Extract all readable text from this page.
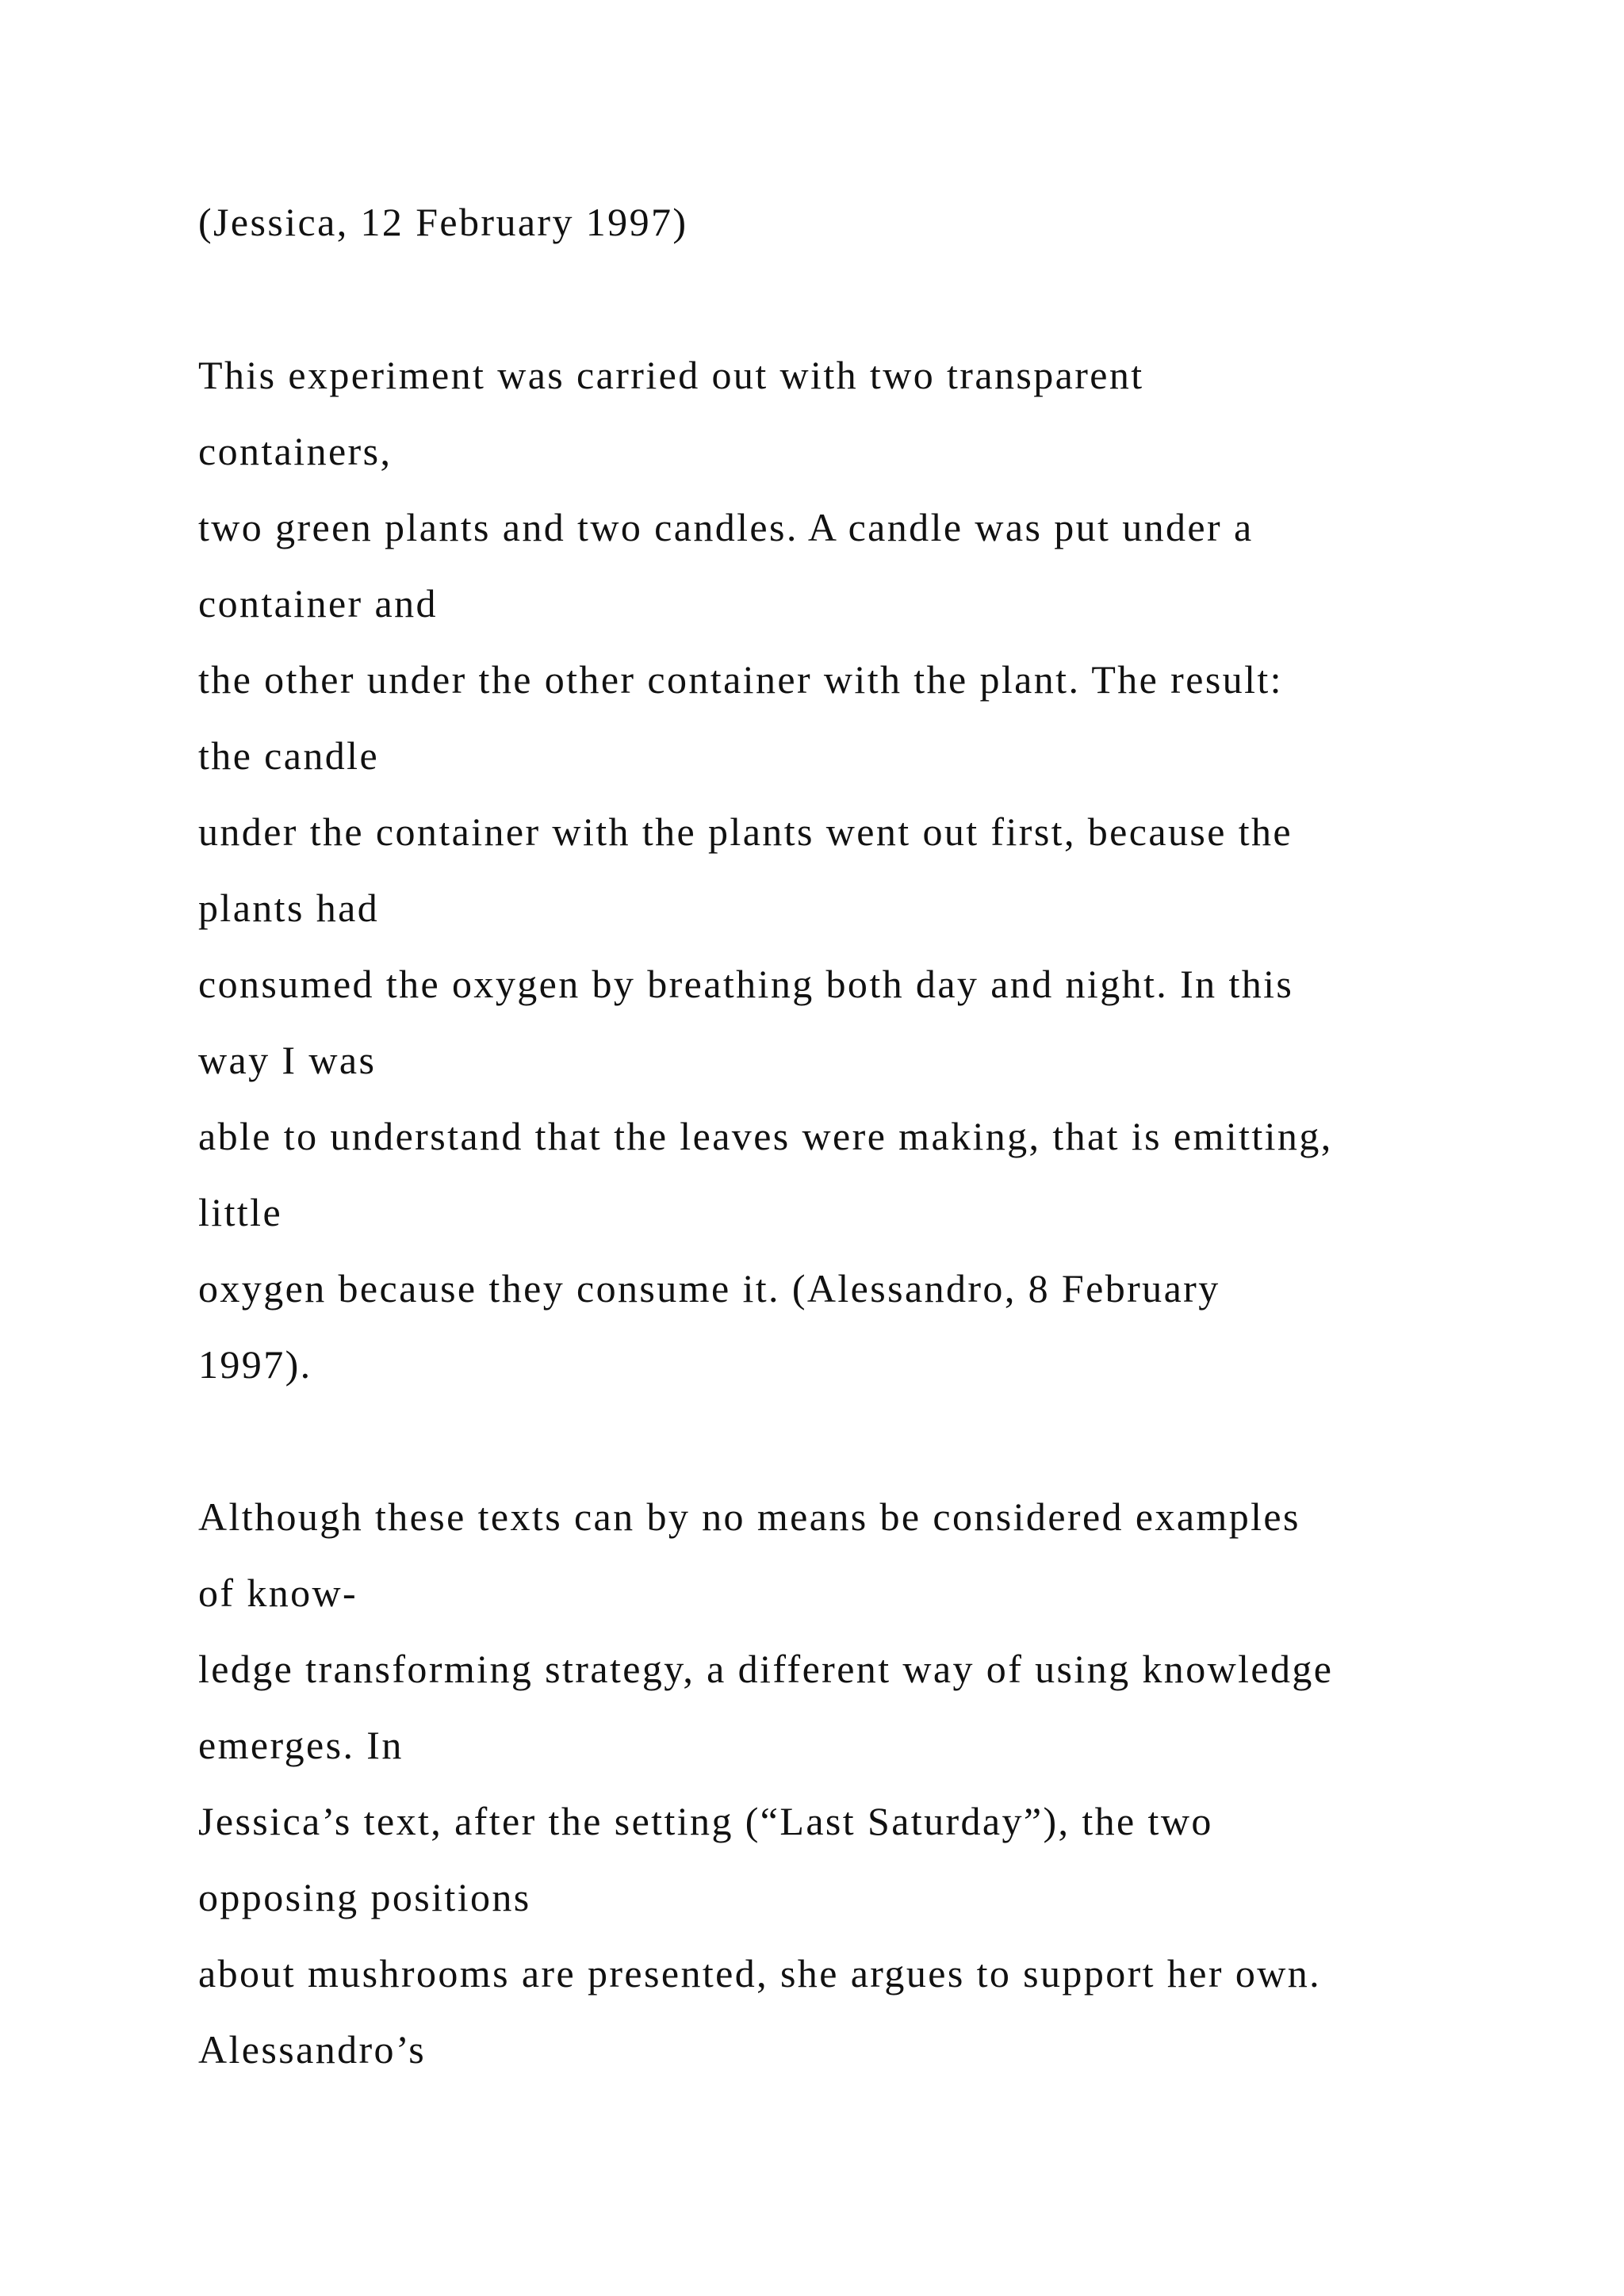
(Jessica, 12 February 1997)
This experiment was carried out with two transparent
containers,
two green plants and two candles. A candle was put under a
container and
the other under the other container with the plant. The result:
the candle
under the container with the plants went out first, because the
plants had
consumed the oxygen by breathing both day and night. In this
way I was
able to understand that the leaves were making, that is emitting,
little
oxygen because they consume it. (Alessandro, 8 February
1997).
Although these texts can by no means be considered examples
of know-
ledge transforming strategy, a different way of using knowledge
emerges. In
Jessica’s text, after the setting (“Last Saturday”), the two
opposing positions
about mushrooms are presented, she argues to support her own.
Alessandro’s
